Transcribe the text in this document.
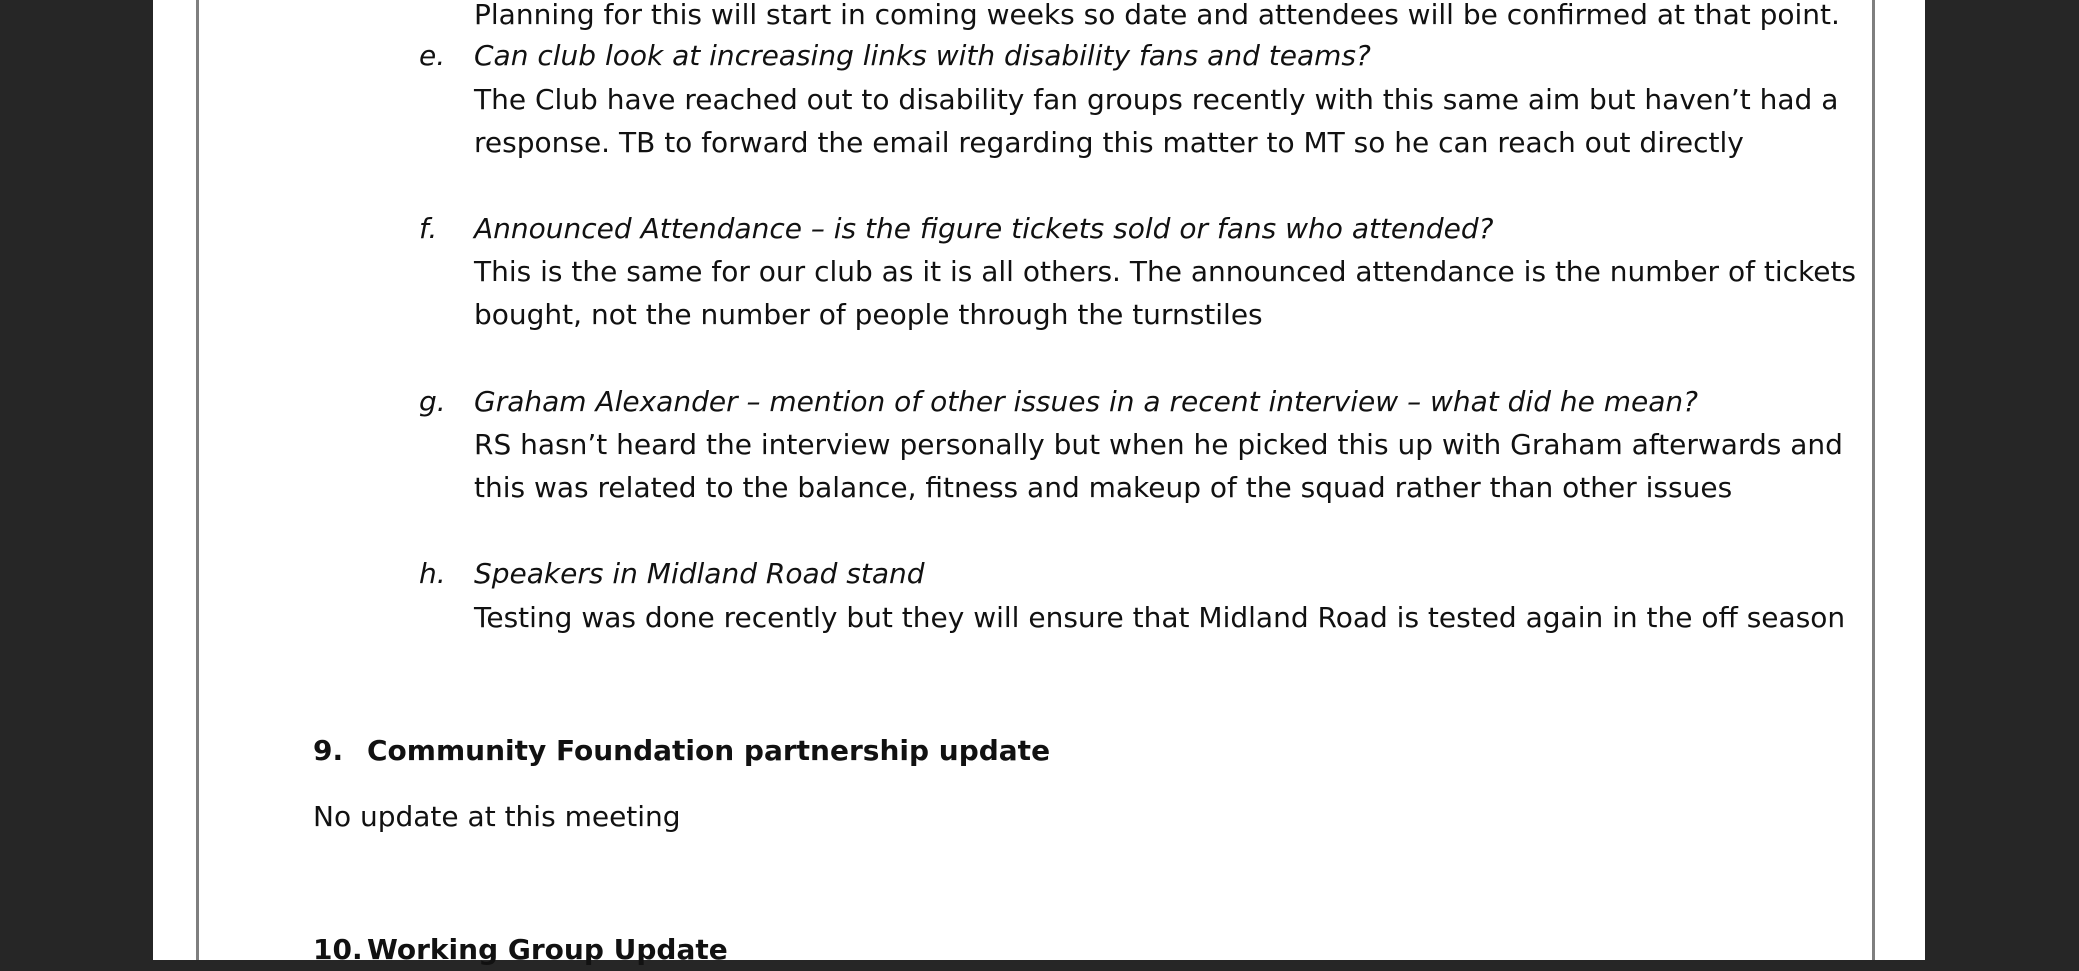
Planning for this will start in coming weeks so date and attendees will be confirmed at that point.
e. Can club look at increasing links with disability fans and teams?
The Club have reached out to disability fan groups recently with this same aim but haven’t had a
response. TB to forward the email regarding this matter to MT so he can reach out directly
f. Announced Attendance – is the figure tickets sold or fans who attended?
This is the same for our club as it is all others. The announced attendance is the number of tickets
bought, not the number of people through the turnstiles
g. Graham Alexander – mention of other issues in a recent interview – what did he mean?
RS hasn’t heard the interview personally but when he picked this up with Graham afterwards and
this was related to the balance, fitness and makeup of the squad rather than other issues
h. Speakers in Midland Road stand
Testing was done recently but they will ensure that Midland Road is tested again in the off season
9. Community Foundation partnership update
No update at this meeting
10. Working Group Update
